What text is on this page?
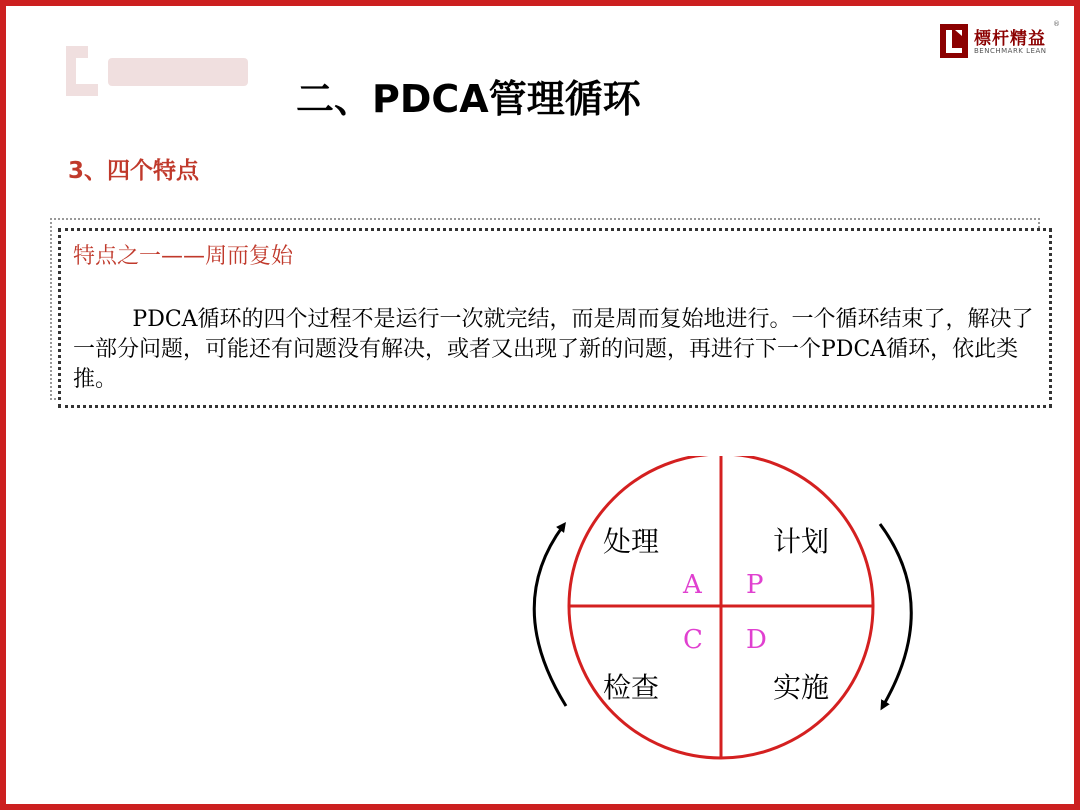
標杆精益
BENCHMARK LEAN
®
二、PDCA管理循环
3、四个特点
特点之一——周而复始
PDCA循环的四个过程不是运行一次就完结，而是周而复始地进行。一个循环结束了，解决了一部分问题，可能还有问题没有解决，或者又出现了新的问题，再进行下一个PDCA循环，依此类推。
处理	计划
检查	实施
A P
C D
